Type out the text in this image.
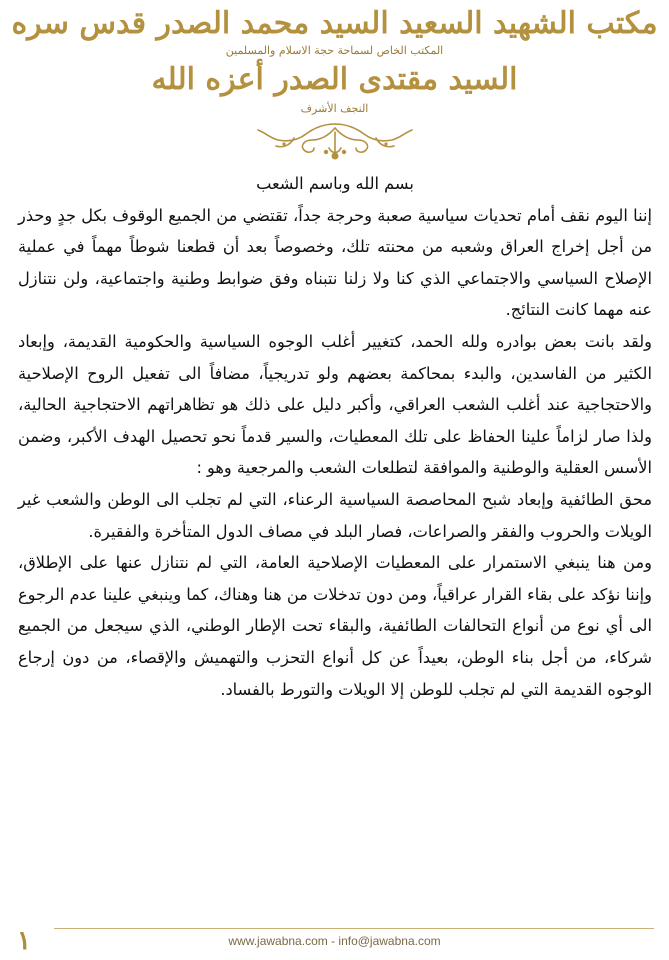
مكتب الشهيد السعيد السيد محمد الصدر قدس سره
المكتب الخاص لسماحة حجة الاسلام والمسلمين
السيد مقتدى الصدر أعزه الله
النجف الأشرف

بسم الله وباسم الشعب

إننا اليوم نقف أمام تحديات سياسية صعبة وحرجة جداً، تقتضي من الجميع الوقوف بكل جدٍ وحذر من أجل إخراج العراق وشعبه من محنته تلك، وخصوصاً بعد أن قطعنا شوطاً مهماً في عملية الإصلاح السياسي والاجتماعي الذي كنا ولا زلنا نتبناه وفق ضوابط وطنية واجتماعية، ولن نتنازل عنه مهما كانت النتائج.

ولقد بانت بعض بوادره ولله الحمد، كتغيير أغلب الوجوه السياسية والحكومية القديمة، وإبعاد الكثير من الفاسدين، والبدء بمحاكمة بعضهم ولو تدريجياً، مضافاً الى تفعيل الروح الإصلاحية والاحتجاجية عند أغلب الشعب العراقي، وأكبر دليل على ذلك هو تظاهراتهم الاحتجاجية الحالية، ولذا صار لزاماً علينا الحفاظ على تلك المعطيات، والسير قدماً نحو تحصيل الهدف الأكبر، وضمن الأسس العقلية والوطنية والموافقة لتطلعات الشعب والمرجعية وهو :

محق الطائفية وإبعاد شبح المحاصصة السياسية الرعناء، التي لم تجلب الى الوطن والشعب غير الويلات والحروب والفقر والصراعات، فصار البلد في مصاف الدول المتأخرة والفقيرة.

ومن هنا ينبغي الاستمرار على المعطيات الإصلاحية العامة، التي لم نتنازل عنها على الإطلاق، وإننا نؤكد على بقاء القرار عراقياً، ومن دون تدخلات من هنا وهناك، كما وينبغي علينا عدم الرجوع الى أي نوع من أنواع التحالفات الطائفية، والبقاء تحت الإطار الوطني، الذي سيجعل من الجميع شركاء، من أجل بناء الوطن، بعيداً عن كل أنواع التحزب والتهميش والإقصاء، من دون إرجاع الوجوه القديمة التي لم تجلب للوطن إلا الويلات والتورط بالفساد.

١	www.jawabna.com - info@jawabna.com
